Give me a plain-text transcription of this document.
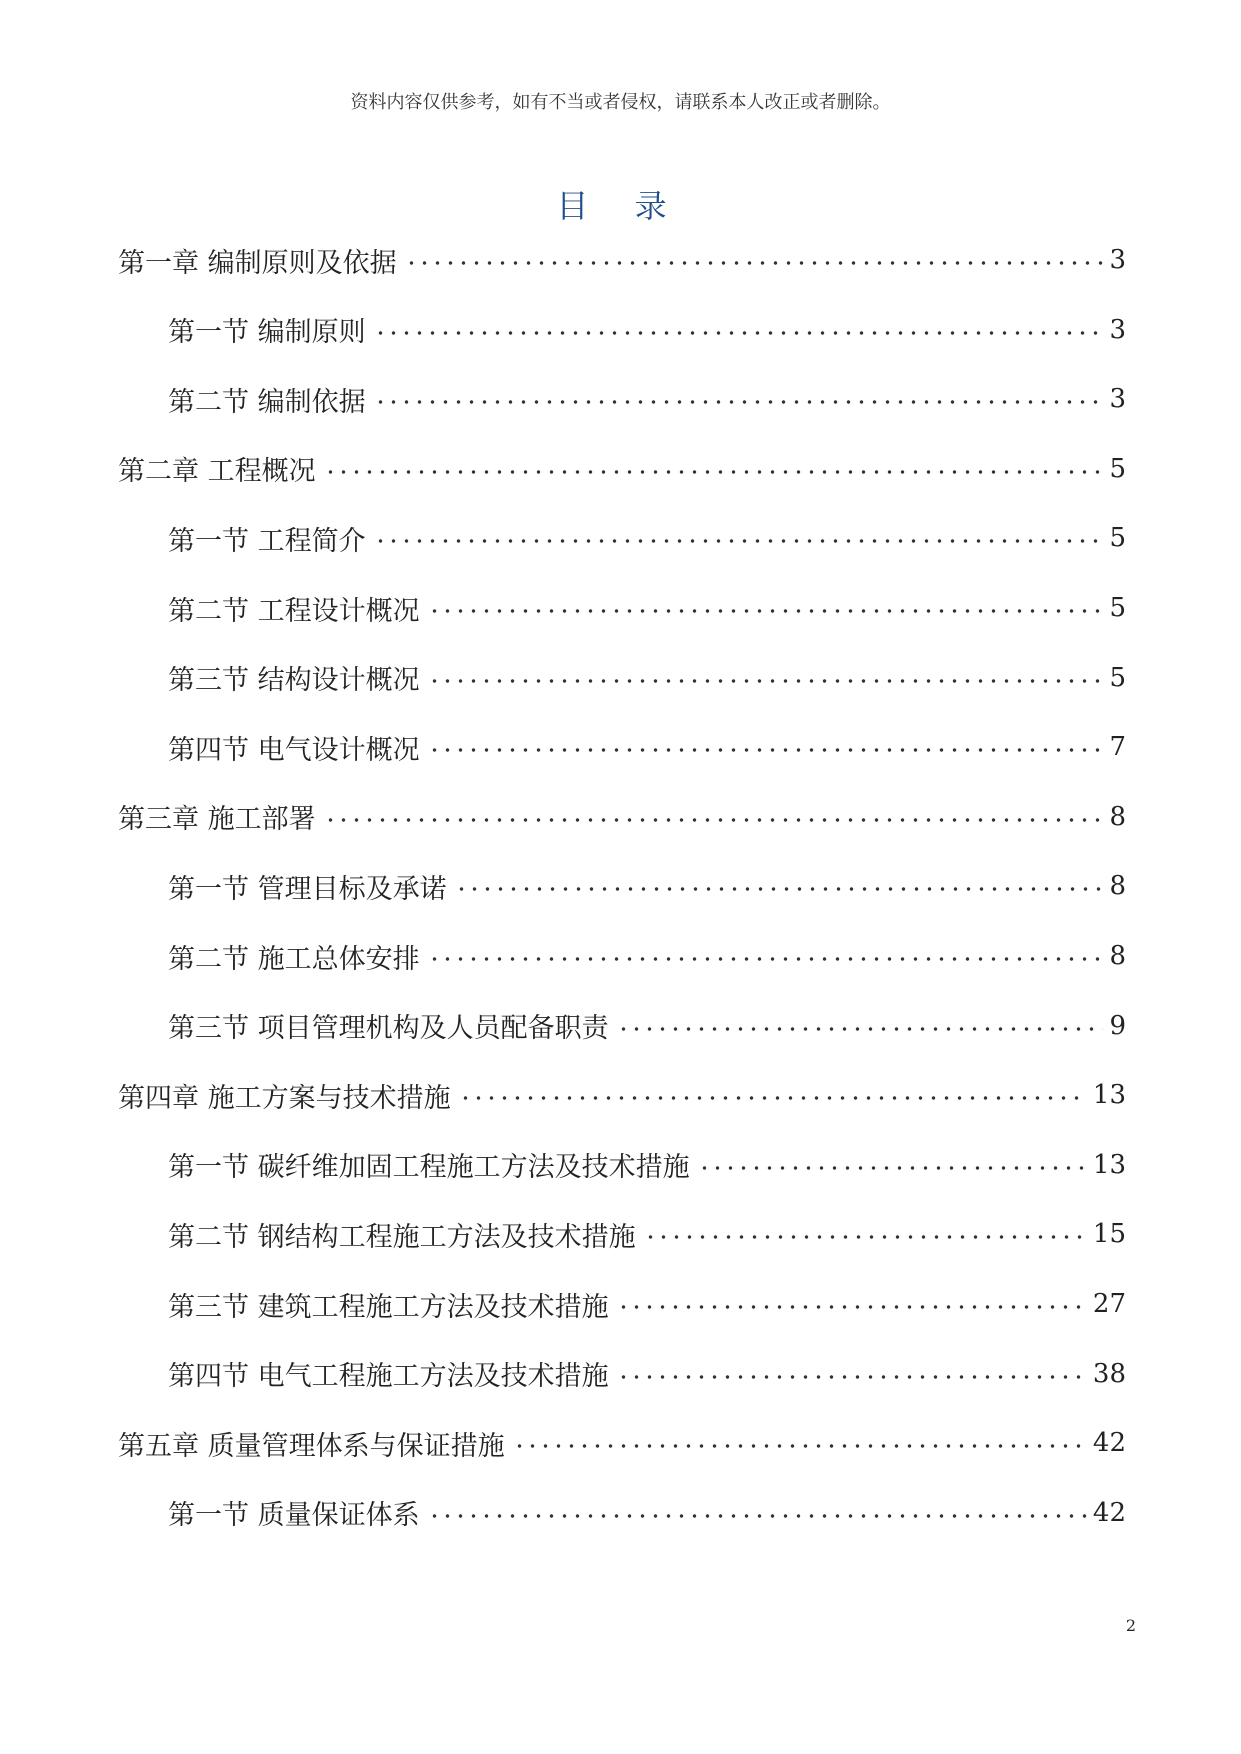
资料内容仅供参考，如有不当或者侵权，请联系本人改正或者删除。
目 录
第一章 编制原则及依据	3
第一节 编制原则	3
第二节 编制依据	3
第二章 工程概况	5
第一节 工程简介	5
第二节 工程设计概况	5
第三节 结构设计概况	5
第四节 电气设计概况	7
第三章 施工部署	8
第一节 管理目标及承诺	8
第二节 施工总体安排	8
第三节 项目管理机构及人员配备职责	9
第四章 施工方案与技术措施	13
第一节 碳纤维加固工程施工方法及技术措施	13
第二节 钢结构工程施工方法及技术措施	15
第三节 建筑工程施工方法及技术措施	27
第四节 电气工程施工方法及技术措施	38
第五章 质量管理体系与保证措施	42
第一节 质量保证体系	42
2
